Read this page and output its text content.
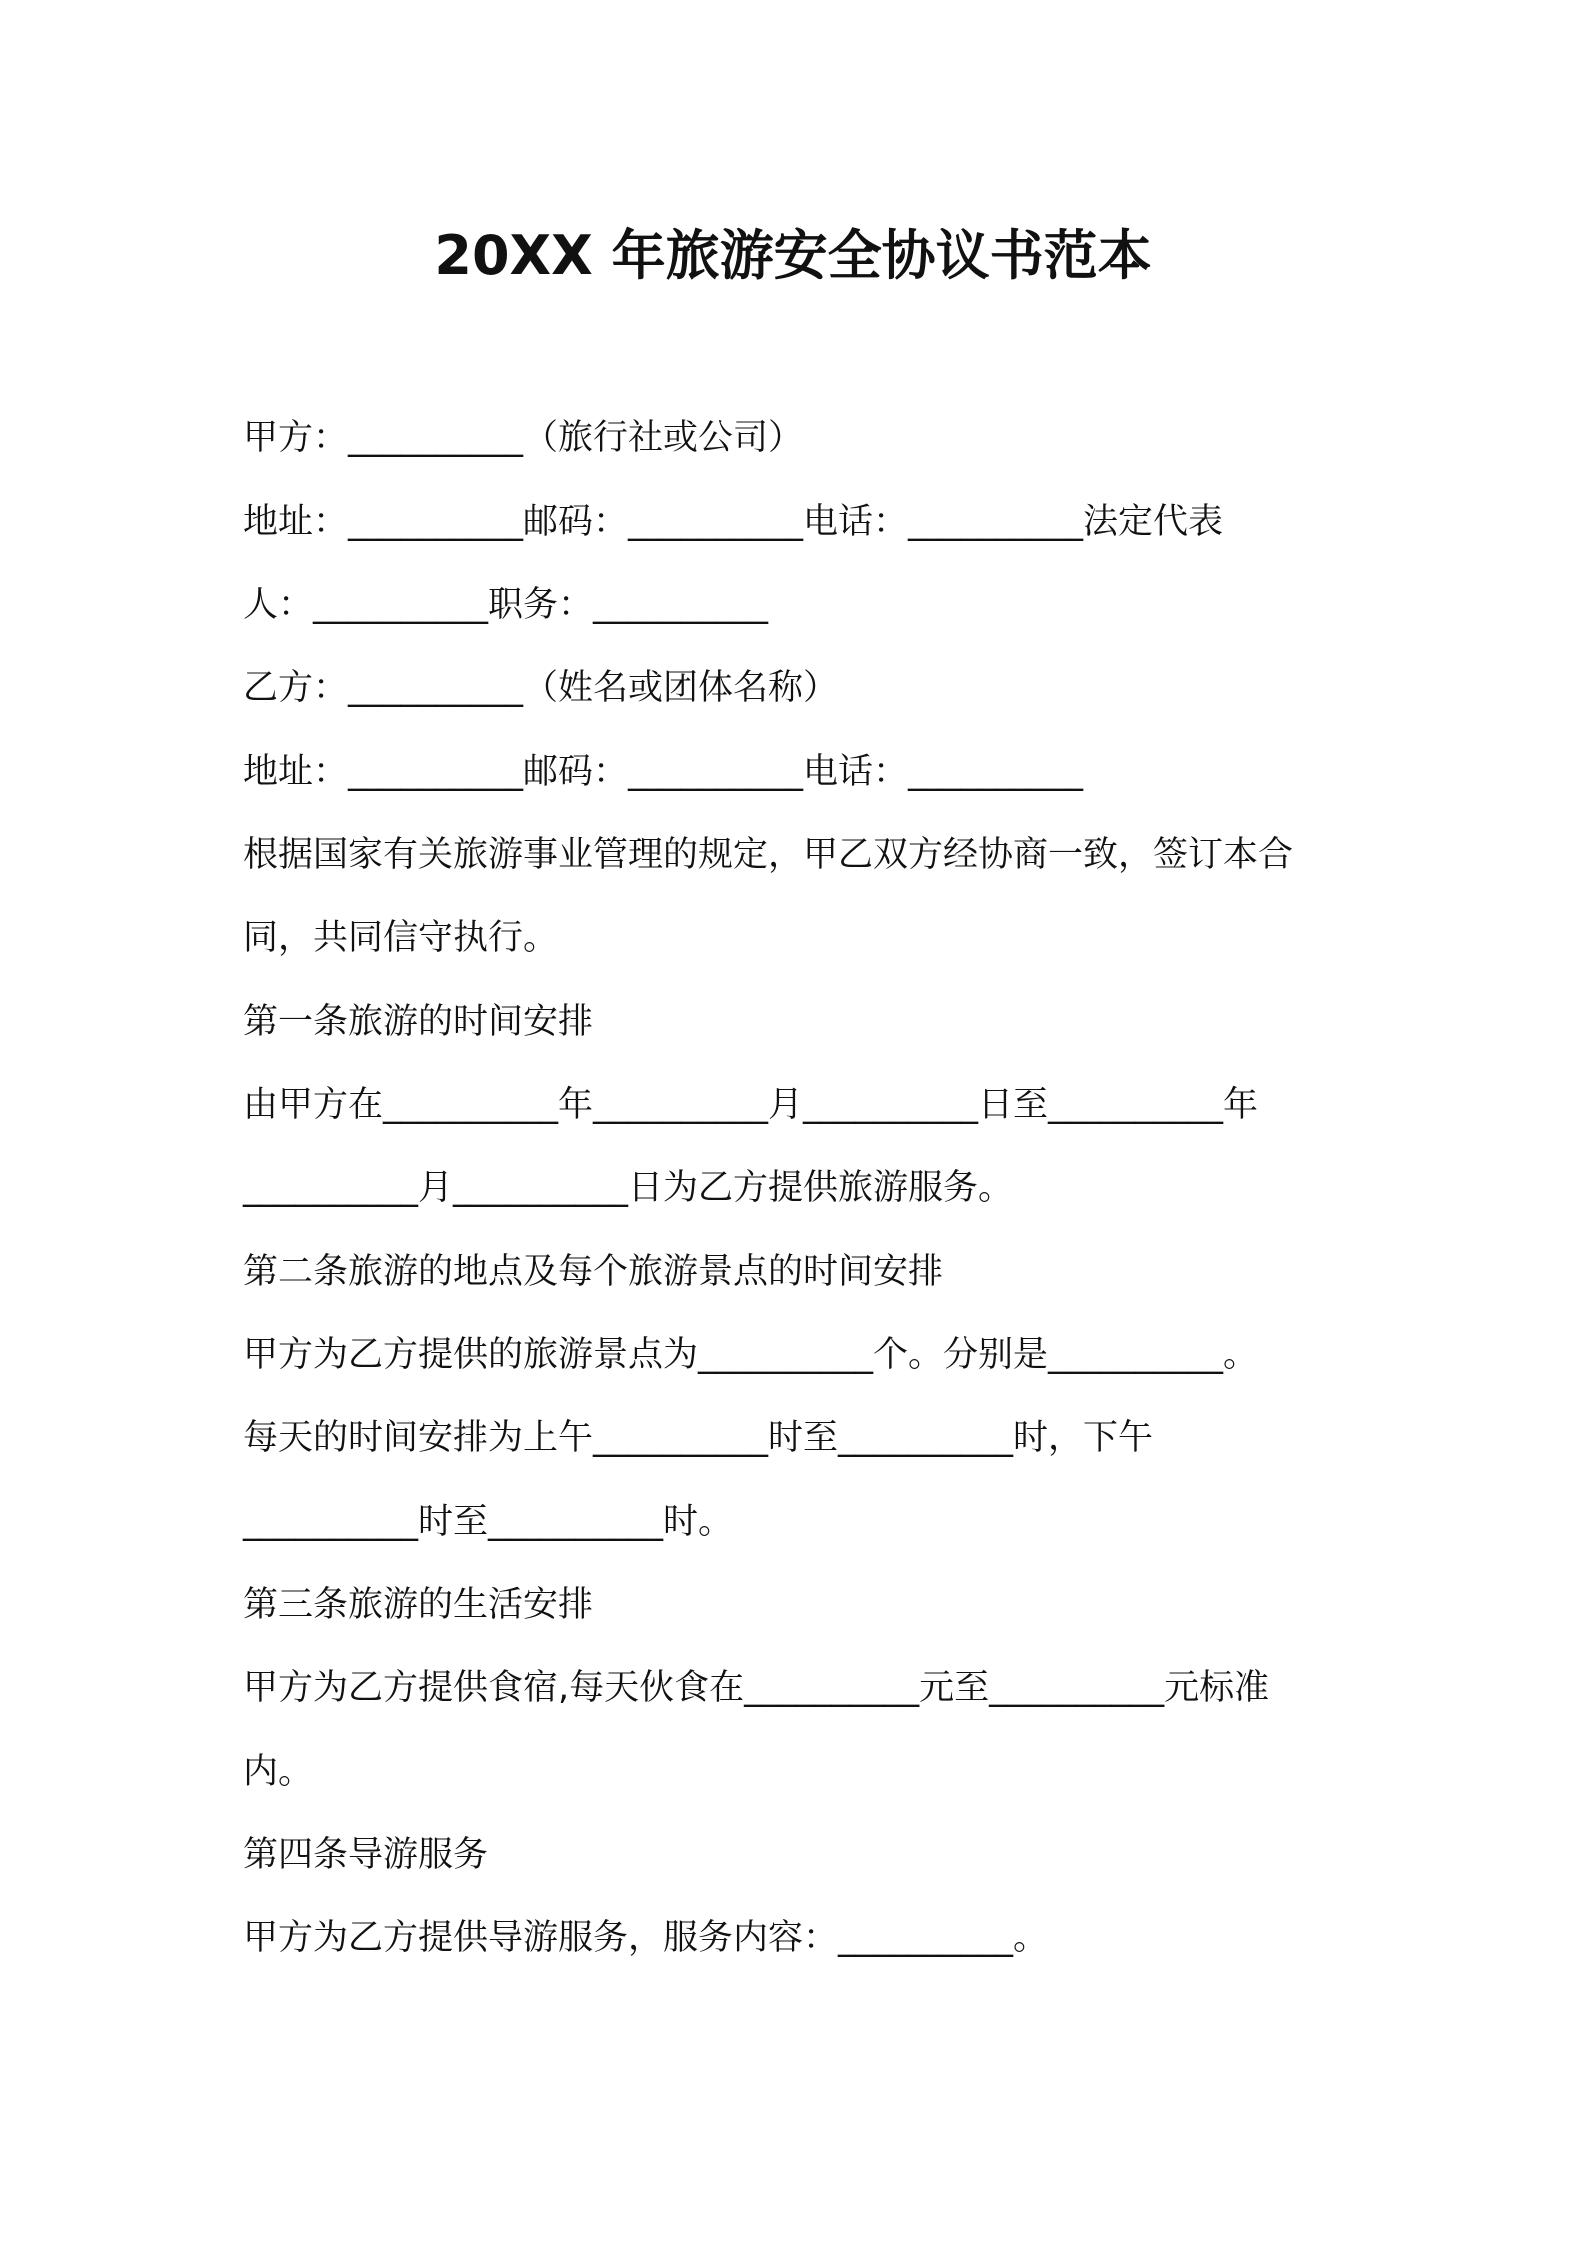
20XX 年旅游安全协议书范本
甲方：__________（旅行社或公司）
地址：__________邮码：__________电话：__________法定代表
人：__________职务：__________
乙方：__________（姓名或团体名称）
地址：__________邮码：__________电话：__________
根据国家有关旅游事业管理的规定，甲乙双方经协商一致，签订本合
同，共同信守执行。
第一条旅游的时间安排
由甲方在__________年__________月__________日至__________年
__________月__________日为乙方提供旅游服务。
第二条旅游的地点及每个旅游景点的时间安排
甲方为乙方提供的旅游景点为__________个。分别是__________。
每天的时间安排为上午__________时至__________时，下午
__________时至__________时。
第三条旅游的生活安排
甲方为乙方提供食宿,每天伙食在__________元至__________元标准
内。
第四条导游服务
甲方为乙方提供导游服务，服务内容：__________。
